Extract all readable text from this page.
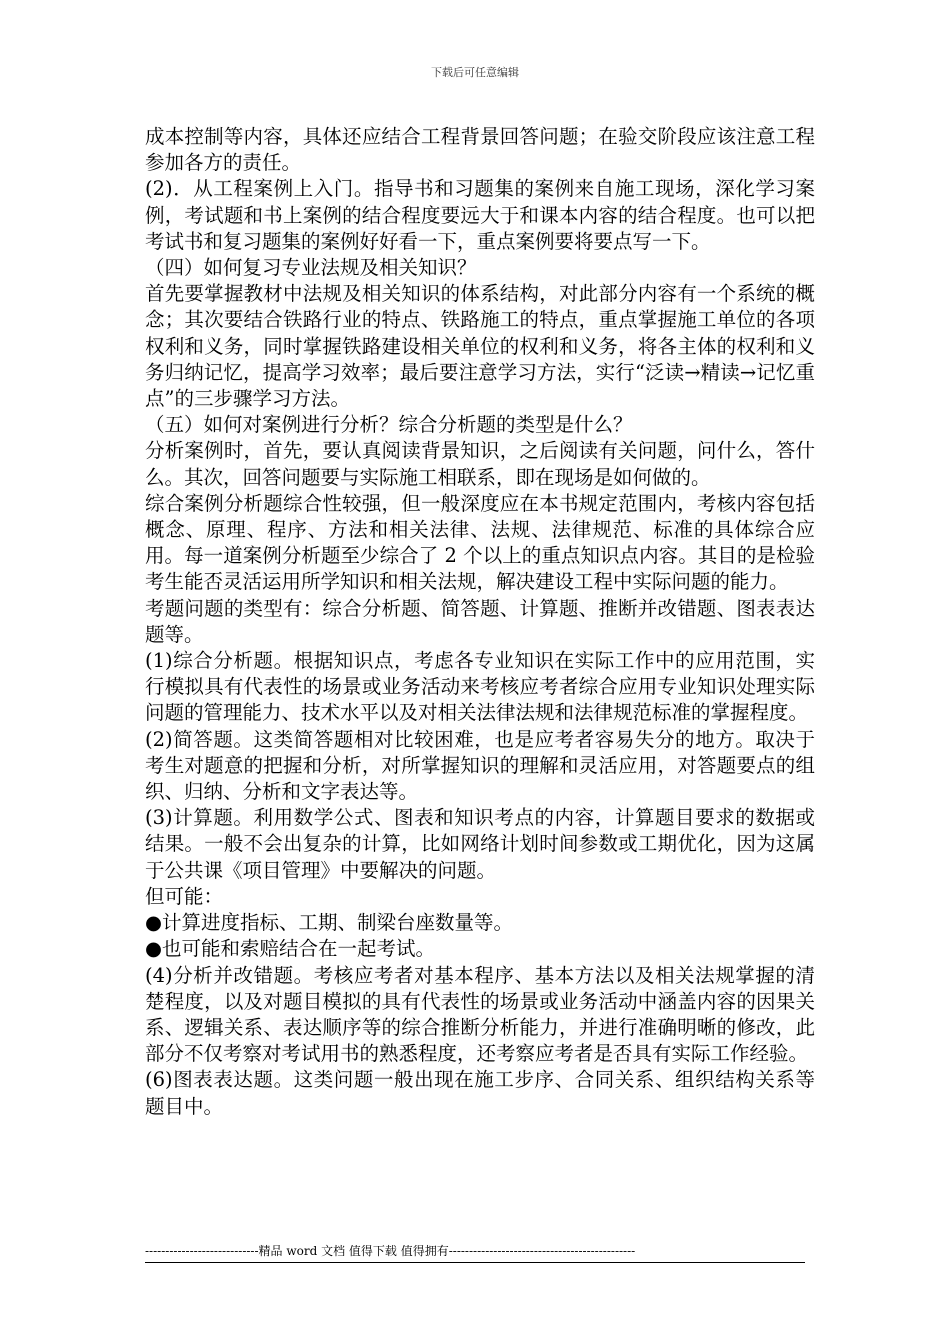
下载后可任意编辑

成本控制等内容，具体还应结合工程背景回答问题；在验交阶段应该注意工程参加各方的责任。

(2)．从工程案例上入门。指导书和习题集的案例来自施工现场，深化学习案例，考试题和书上案例的结合程度要远大于和课本内容的结合程度。也可以把考试书和复习题集的案例好好看一下，重点案例要将要点写一下。

（四）如何复习专业法规及相关知识？

首先要掌握教材中法规及相关知识的体系结构，对此部分内容有一个系统的概念；其次要结合铁路行业的特点、铁路施工的特点，重点掌握施工单位的各项权利和义务，同时掌握铁路建设相关单位的权利和义务，将各主体的权利和义务归纳记忆，提高学习效率；最后要注意学习方法，实行“泛读→精读→记忆重点”的三步骤学习方法。

（五）如何对案例进行分析？综合分析题的类型是什么？

分析案例时，首先，要认真阅读背景知识，之后阅读有关问题，问什么，答什么。其次，回答问题要与实际施工相联系，即在现场是如何做的。

综合案例分析题综合性较强，但一般深度应在本书规定范围内，考核内容包括概念、原理、程序、方法和相关法律、法规、法律规范、标准的具体综合应用。每一道案例分析题至少综合了 2 个以上的重点知识点内容。其目的是检验考生能否灵活运用所学知识和相关法规，解决建设工程中实际问题的能力。

考题问题的类型有：综合分析题、简答题、计算题、推断并改错题、图表表达题等。

(1)综合分析题。根据知识点，考虑各专业知识在实际工作中的应用范围，实行模拟具有代表性的场景或业务活动来考核应考者综合应用专业知识处理实际问题的管理能力、技术水平以及对相关法律法规和法律规范标准的掌握程度。

(2)简答题。这类简答题相对比较困难，也是应考者容易失分的地方。取决于考生对题意的把握和分析，对所掌握知识的理解和灵活应用，对答题要点的组织、归纳、分析和文字表达等。

(3)计算题。利用数学公式、图表和知识考点的内容，计算题目要求的数据或结果。一般不会出复杂的计算，比如网络计划时间参数或工期优化，因为这属于公共课《项目管理》中要解决的问题。

但可能：

●计算进度指标、工期、制梁台座数量等。

●也可能和索赔结合在一起考试。

(4)分析并改错题。考核应考者对基本程序、基本方法以及相关法规掌握的清楚程度，以及对题目模拟的具有代表性的场景或业务活动中涵盖内容的因果关系、逻辑关系、表达顺序等的综合推断分析能力，并进行准确明晰的修改，此部分不仅考察对考试用书的熟悉程度，还考察应考者是否具有实际工作经验。

(6)图表表达题。这类问题一般出现在施工步序、合同关系、组织结构关系等题目中。

----------------------------精品 word 文档 值得下载 值得拥有----------------------------------------------
